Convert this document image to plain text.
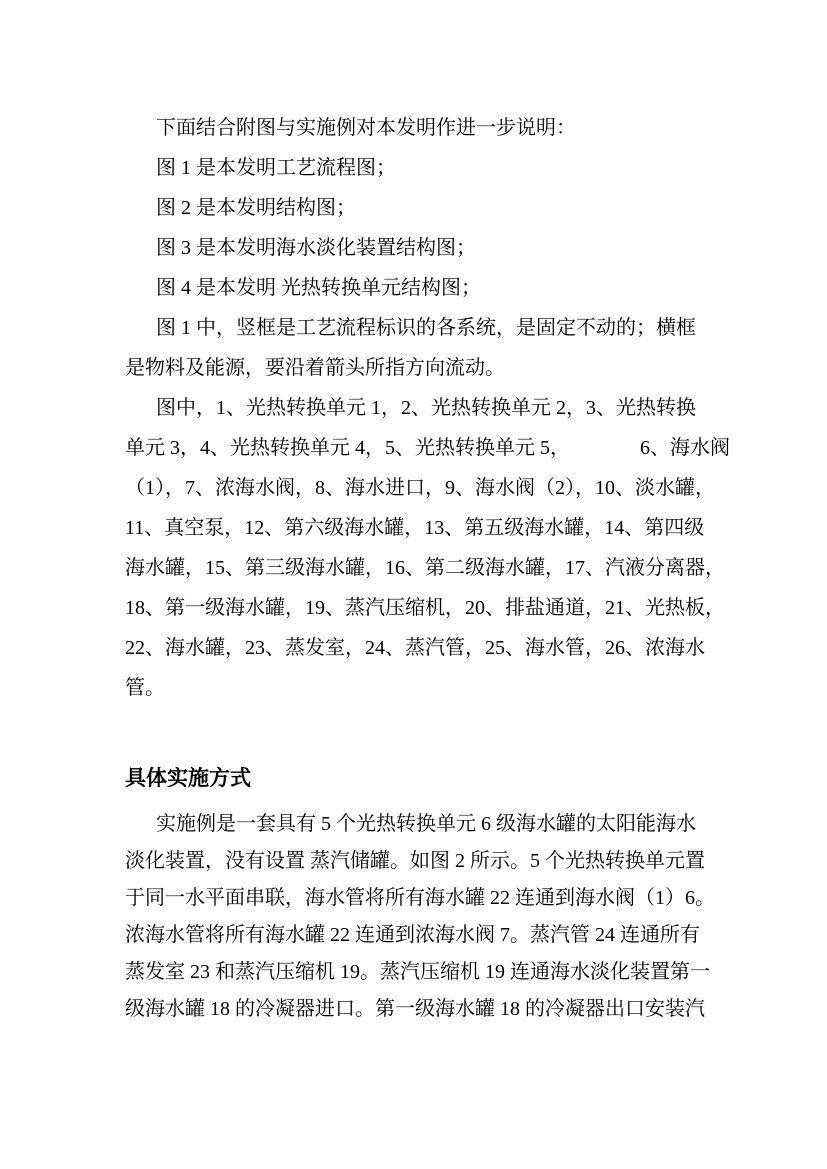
下面结合附图与实施例对本发明作进一步说明：
图 1 是本发明工艺流程图；
图 2 是本发明结构图；
图 3 是本发明海水淡化装置结构图；
图 4 是本发明 光热转换单元结构图；
图 1 中，竖框是工艺流程标识的各系统，是固定不动的；横框
是物料及能源，要沿着箭头所指方向流动。
图中，1、光热转换单元 1，2、光热转换单元 2，3、光热转换
单元 3，4、光热转换单元 4，5、光热转换单元 5，　　　　6、海水阀
（1），7、浓海水阀，8、海水进口，9、海水阀（2），10、淡水罐，
11、真空泵，12、第六级海水罐，13、第五级海水罐，14、第四级
海水罐，15、第三级海水罐，16、第二级海水罐，17、汽液分离器，
18、第一级海水罐，19、蒸汽压缩机，20、排盐通道，21、光热板，
22、海水罐，23、蒸发室，24、蒸汽管，25、海水管，26、浓海水
管。
具体实施方式
实施例是一套具有 5 个光热转换单元 6 级海水罐的太阳能海水
淡化装置，没有设置 蒸汽储罐。如图 2 所示。5 个光热转换单元置
于同一水平面串联，海水管将所有海水罐 22 连通到海水阀（1）6。
浓海水管将所有海水罐 22 连通到浓海水阀 7。蒸汽管 24 连通所有
蒸发室 23 和蒸汽压缩机 19。蒸汽压缩机 19 连通海水淡化装置第一
级海水罐 18 的冷凝器进口。第一级海水罐 18 的冷凝器出口安装汽
